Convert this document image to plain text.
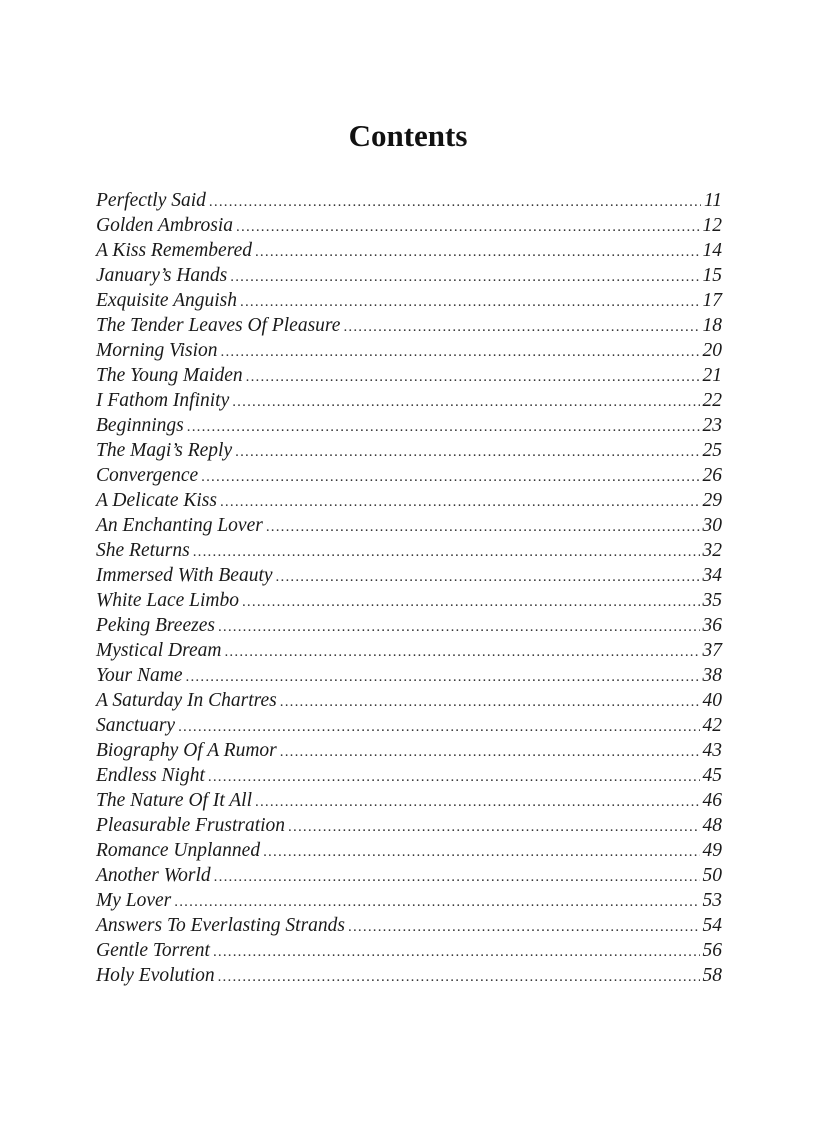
Contents
Perfectly Said .....	11
Golden Ambrosia .....	12
A Kiss Remembered .....	14
January’s Hands .....	15
Exquisite Anguish .....	17
The Tender Leaves Of Pleasure .....	18
Morning Vision .....	20
The Young Maiden .....	21
I Fathom Infinity .....	22
Beginnings .....	23
The Magi’s Reply .....	25
Convergence .....	26
A Delicate Kiss .....	29
An Enchanting Lover .....	30
She Returns .....	32
Immersed With Beauty .....	34
White Lace Limbo .....	35
Peking Breezes .....	36
Mystical Dream .....	37
Your Name .....	38
A Saturday In Chartres .....	40
Sanctuary .....	42
Biography Of A Rumor .....	43
Endless Night .....	45
The Nature Of It All .....	46
Pleasurable Frustration .....	48
Romance Unplanned .....	49
Another World .....	50
My Lover .....	53
Answers To Everlasting Strands .....	54
Gentle Torrent .....	56
Holy Evolution .....	58
